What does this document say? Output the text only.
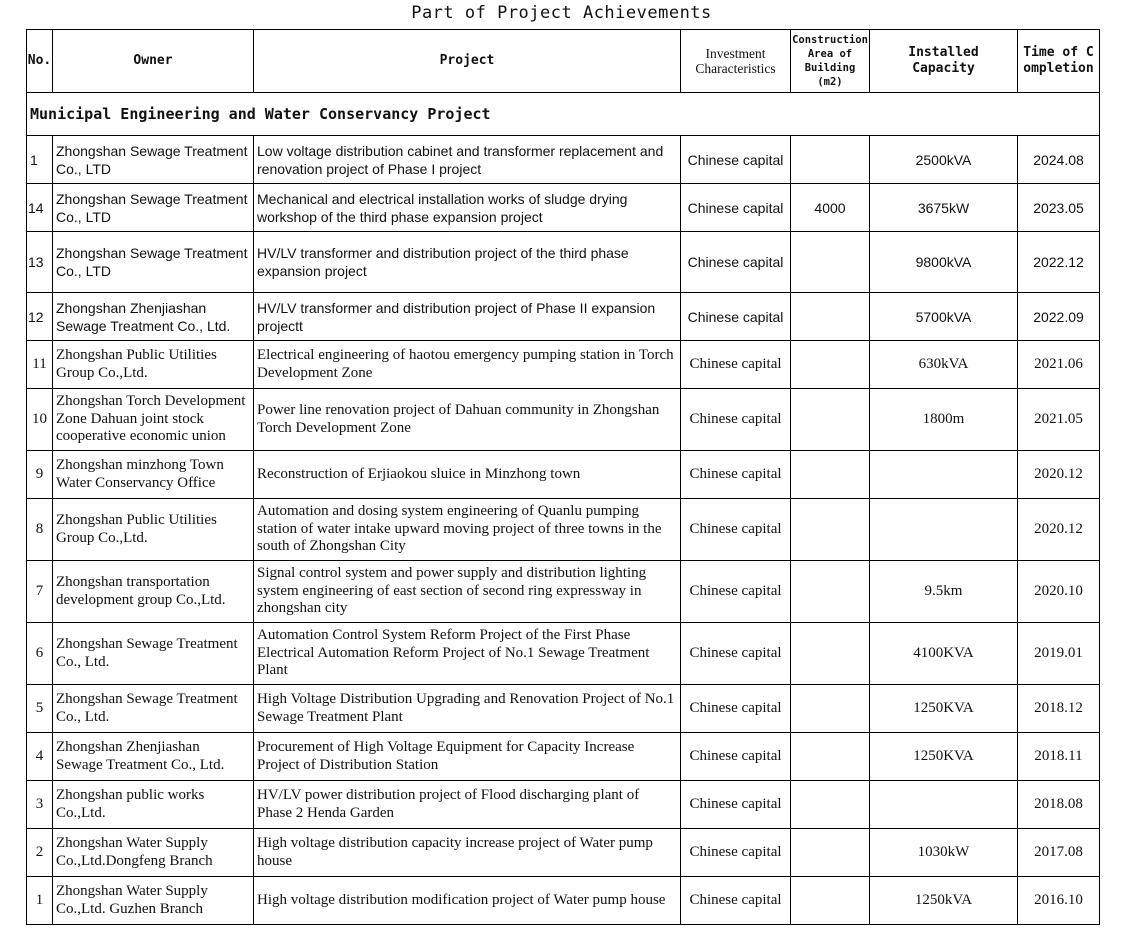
Part of Project Achievements
No.	Owner	Project	Investment Characteristics	Construction Area of Building (m2)	Installed Capacity	Time of Completion
Municipal Engineering and Water Conservancy Project						
1	Zhongshan Sewage Treatment Co., LTD	Low voltage distribution cabinet and transformer replacement and renovation project of Phase I project	Chinese capital		2500kVA	2024.08
14	Zhongshan Sewage Treatment Co., LTD	Mechanical and electrical installation works of sludge drying workshop of the third phase expansion project	Chinese capital	4000	3675kW	2023.05
13	Zhongshan Sewage Treatment Co., LTD	HV/LV transformer and distribution project of the third phase expansion project	Chinese capital		9800kVA	2022.12
12	Zhongshan Zhenjiashan Sewage Treatment Co., Ltd.	HV/LV transformer and distribution project of Phase II expansion projectt	Chinese capital		5700kVA	2022.09
11	Zhongshan Public Utilities Group Co.,Ltd.	Electrical engineering of haotou emergency pumping station in Torch Development Zone	Chinese capital		630kVA	2021.06
10	Zhongshan Torch Development Zone Dahuan joint stock cooperative economic union	Power line renovation project of Dahuan community in Zhongshan Torch Development Zone	Chinese capital		1800m	2021.05
9	Zhongshan minzhong Town Water Conservancy Office	Reconstruction of Erjiaokou sluice in Minzhong town	Chinese capital			2020.12
8	Zhongshan Public Utilities Group Co.,Ltd.	Automation and dosing system engineering of Quanlu pumping station of water intake upward moving project of three towns in the south of Zhongshan City	Chinese capital			2020.12
7	Zhongshan transportation development group Co.,Ltd.	Signal control system and power supply and distribution lighting system engineering of east section of second ring expressway in zhongshan city	Chinese capital		9.5km	2020.10
6	Zhongshan Sewage Treatment Co., Ltd.	Automation Control System Reform Project of the First Phase Electrical Automation Reform Project of No.1 Sewage Treatment Plant	Chinese capital		4100KVA	2019.01
5	Zhongshan Sewage Treatment Co., Ltd.	High Voltage Distribution Upgrading and Renovation Project of No.1 Sewage Treatment Plant	Chinese capital		1250KVA	2018.12
4	Zhongshan Zhenjiashan Sewage Treatment Co., Ltd.	Procurement of High Voltage Equipment for Capacity Increase Project of Distribution Station	Chinese capital		1250KVA	2018.11
3	Zhongshan public works Co.,Ltd.	HV/LV power distribution project of Flood discharging plant of Phase 2 Henda Garden	Chinese capital			2018.08
2	Zhongshan Water Supply Co.,Ltd.Dongfeng Branch	High voltage distribution capacity increase project of Water pump house	Chinese capital		1030kW	2017.08
1	Zhongshan Water Supply Co.,Ltd. Guzhen Branch	High voltage distribution modification project of Water pump house	Chinese capital		1250kVA	2016.10
